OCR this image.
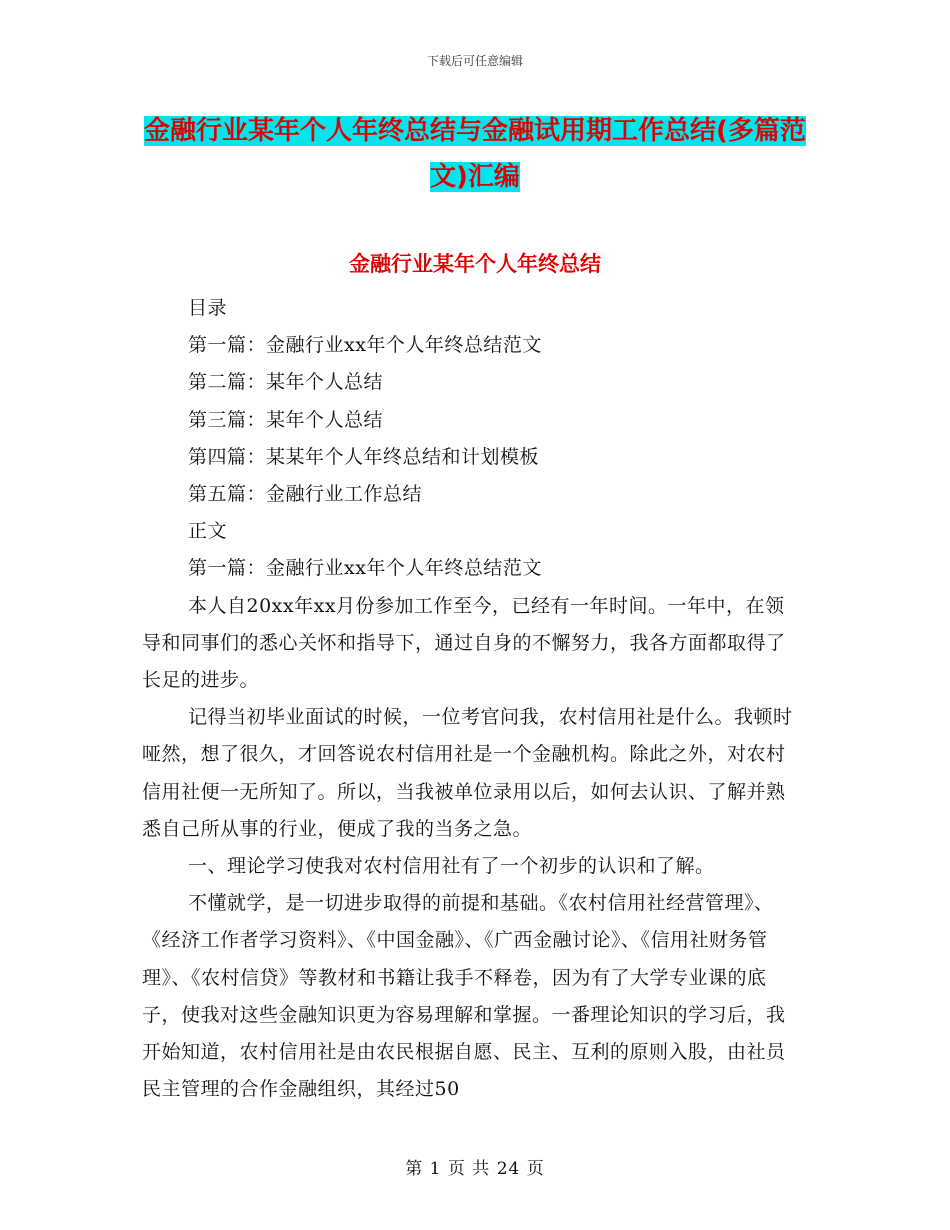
下载后可任意编辑
金融行业某年个人年终总结与金融试用期工作总结(多篇范文)汇编
金融行业某年个人年终总结

目录

第一篇：金融行业xx年个人年终总结范文

第二篇：某年个人总结

第三篇：某年个人总结

第四篇：某某年个人年终总结和计划模板

第五篇：金融行业工作总结

正文

第一篇：金融行业xx年个人年终总结范文

本人自20xx年xx月份参加工作至今，已经有一年时间。一年中，在领导和同事们的悉心关怀和指导下，通过自身的不懈努力，我各方面都取得了长足的进步。

记得当初毕业面试的时候，一位考官问我，农村信用社是什么。我顿时哑然，想了很久，才回答说农村信用社是一个金融机构。除此之外，对农村信用社便一无所知了。所以，当我被单位录用以后，如何去认识、了解并熟悉自己所从事的行业，便成了我的当务之急。

一、理论学习使我对农村信用社有了一个初步的认识和了解。

不懂就学，是一切进步取得的前提和基础。《农村信用社经营管理》、《经济工作者学习资料》、《中国金融》、《广西金融讨论》、《信用社财务管理》、《农村信贷》等教材和书籍让我手不释卷，因为有了大学专业课的底子，使我对这些金融知识更为容易理解和掌握。一番理论知识的学习后，我开始知道，农村信用社是由农民根据自愿、民主、互利的原则入股，由社员民主管理的合作金融组织，其经过50

第 1 页 共 24 页
